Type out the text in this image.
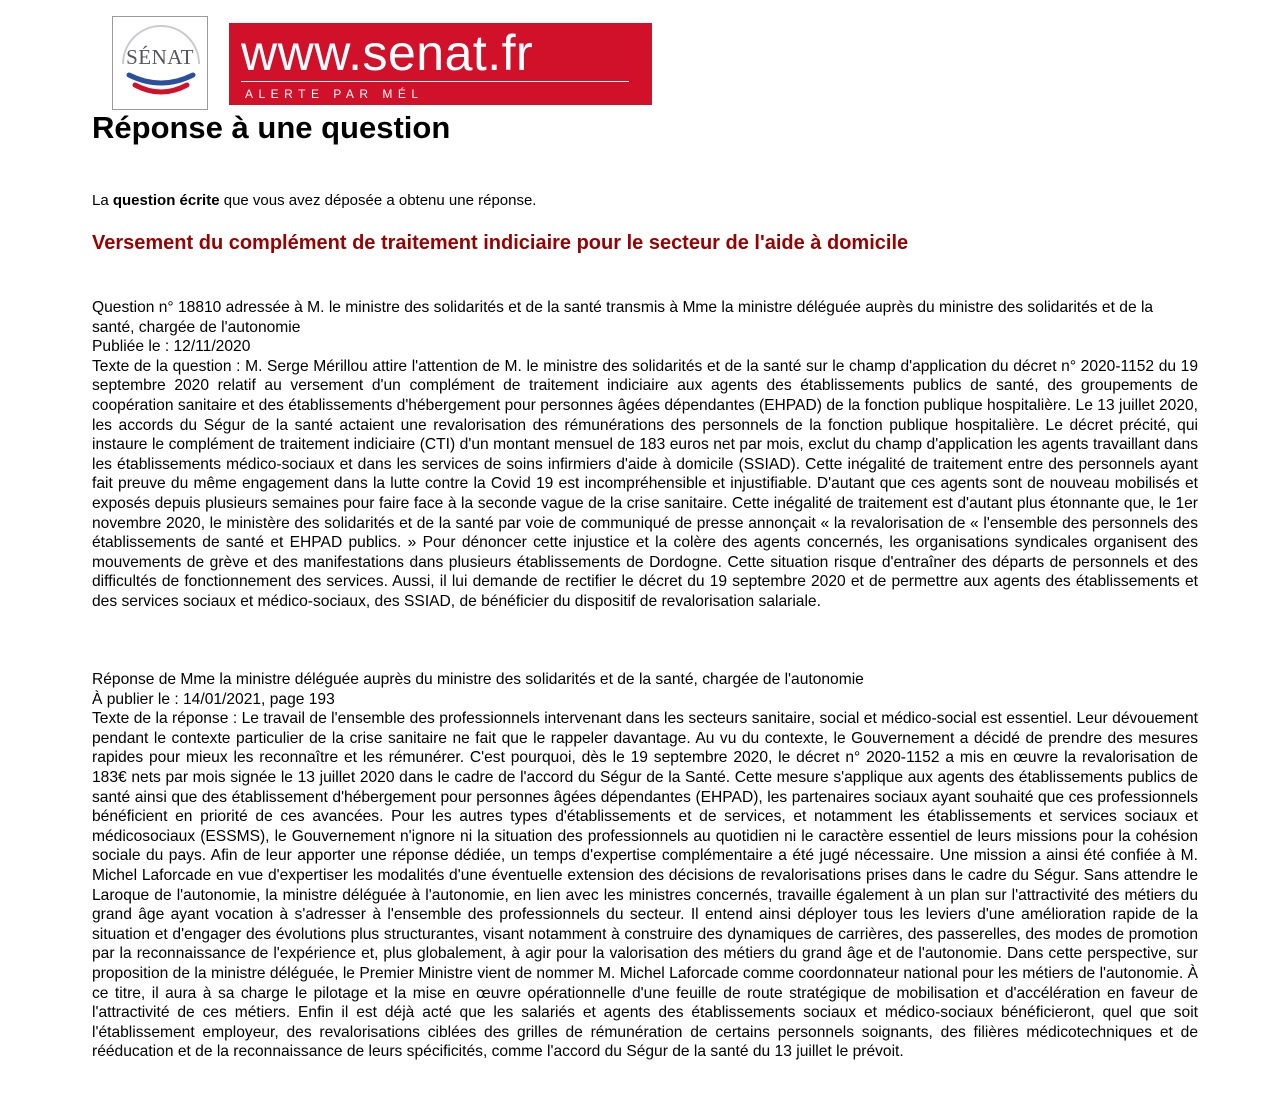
SÉNAT www.senat.fr
ALERTE PAR MÉL
Réponse à une question

La question écrite que vous avez déposée a obtenu une réponse.

Versement du complément de traitement indiciaire pour le secteur de l'aide à domicile
Question n° 18810 adressée à M. le ministre des solidarités et de la santé transmis à Mme la ministre déléguée auprès du ministre des solidarités et de la santé, chargée de l'autonomie
Publiée le : 12/11/2020
Texte de la question : M. Serge Mérillou attire l'attention de M. le ministre des solidarités et de la santé sur le champ d'application du décret n° 2020-1152 du 19 septembre 2020 relatif au versement d'un complément de traitement indiciaire aux agents des établissements publics de santé, des groupements de coopération sanitaire et des établissements d'hébergement pour personnes âgées dépendantes (EHPAD) de la fonction publique hospitalière. Le 13 juillet 2020, les accords du Ségur de la santé actaient une revalorisation des rémunérations des personnels de la fonction publique hospitalière. Le décret précité, qui instaure le complément de traitement indiciaire (CTI) d'un montant mensuel de 183 euros net par mois, exclut du champ d'application les agents travaillant dans les établissements médico-sociaux et dans les services de soins infirmiers d'aide à domicile (SSIAD). Cette inégalité de traitement entre des personnels ayant fait preuve du même engagement dans la lutte contre la Covid 19 est incompréhensible et injustifiable. D'autant que ces agents sont de nouveau mobilisés et exposés depuis plusieurs semaines pour faire face à la seconde vague de la crise sanitaire. Cette inégalité de traitement est d'autant plus étonnante que, le 1er novembre 2020, le ministère des solidarités et de la santé par voie de communiqué de presse annonçait « la revalorisation de « l'ensemble des personnels des établissements de santé et EHPAD publics. » Pour dénoncer cette injustice et la colère des agents concernés, les organisations syndicales organisent des mouvements de grève et des manifestations dans plusieurs établissements de Dordogne. Cette situation risque d'entraîner des départs de personnels et des difficultés de fonctionnement des services. Aussi, il lui demande de rectifier le décret du 19 septembre 2020 et de permettre aux agents des établissements et des services sociaux et médico-sociaux, des SSIAD, de bénéficier du dispositif de revalorisation salariale.
Réponse de Mme la ministre déléguée auprès du ministre des solidarités et de la santé, chargée de l'autonomie
À publier le : 14/01/2021, page 193
Texte de la réponse : Le travail de l'ensemble des professionnels intervenant dans les secteurs sanitaire, social et médico-social est essentiel. Leur dévouement pendant le contexte particulier de la crise sanitaire ne fait que le rappeler davantage. Au vu du contexte, le Gouvernement a décidé de prendre des mesures rapides pour mieux les reconnaître et les rémunérer. C'est pourquoi, dès le 19 septembre 2020, le décret n° 2020-1152 a mis en œuvre la revalorisation de 183€ nets par mois signée le 13 juillet 2020 dans le cadre de l'accord du Ségur de la Santé. Cette mesure s'applique aux agents des établissements publics de santé ainsi que des établissement d'hébergement pour personnes âgées dépendantes (EHPAD), les partenaires sociaux ayant souhaité que ces professionnels bénéficient en priorité de ces avancées. Pour les autres types d'établissements et de services, et notamment les établissements et services sociaux et médicosociaux (ESSMS), le Gouvernement n'ignore ni la situation des professionnels au quotidien ni le caractère essentiel de leurs missions pour la cohésion sociale du pays. Afin de leur apporter une réponse dédiée, un temps d'expertise complémentaire a été jugé nécessaire. Une mission a ainsi été confiée à M. Michel Laforcade en vue d'expertiser les modalités d'une éventuelle extension des décisions de revalorisations prises dans le cadre du Ségur. Sans attendre le Laroque de l'autonomie, la ministre déléguée à l'autonomie, en lien avec les ministres concernés, travaille également à un plan sur l'attractivité des métiers du grand âge ayant vocation à s'adresser à l'ensemble des professionnels du secteur. Il entend ainsi déployer tous les leviers d'une amélioration rapide de la situation et d'engager des évolutions plus structurantes, visant notamment à construire des dynamiques de carrières, des passerelles, des modes de promotion par la reconnaissance de l'expérience et, plus globalement, à agir pour la valorisation des métiers du grand âge et de l'autonomie. Dans cette perspective, sur proposition de la ministre déléguée, le Premier Ministre vient de nommer M. Michel Laforcade comme coordonnateur national pour les métiers de l'autonomie. À ce titre, il aura à sa charge le pilotage et la mise en œuvre opérationnelle d'une feuille de route stratégique de mobilisation et d'accélération en faveur de l'attractivité de ces métiers. Enfin il est déjà acté que les salariés et agents des établissements sociaux et médico-sociaux bénéficieront, quel que soit l'établissement employeur, des revalorisations ciblées des grilles de rémunération de certains personnels soignants, des filières médicotechniques et de rééducation et de la reconnaissance de leurs spécificités, comme l'accord du Ségur de la santé du 13 juillet le prévoit.
